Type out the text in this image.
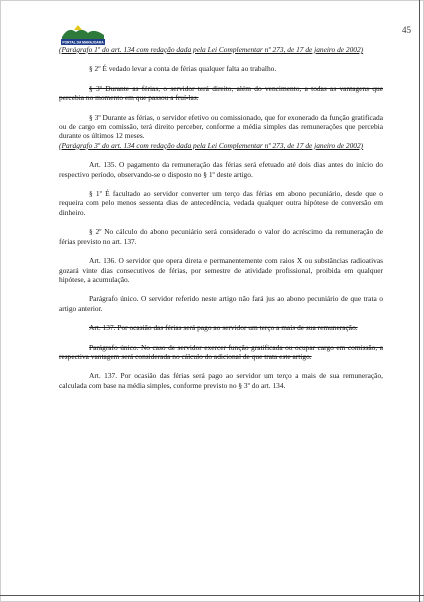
PORTAL DA MARAJOARA
45

(Parágrafo 1º do art. 134 com redação dada pela Lei Complementar nº 273, de 17 de janeiro de 2002)

§ 2º É vedado levar a conta de férias qualquer falta ao trabalho.

§ 3º Durante as férias, o servidor terá direito, além do vencimento, a todas as vantagens que percebia no momento em que passou a fruí-las.

§ 3º Durante as férias, o servidor efetivo ou comissionado, que for exonerado da função gratificada ou de cargo em comissão, terá direito perceber, conforme a média simples das remunerações que percebia durante os últimos 12 meses.

(Parágrafo 3º do art. 134 com redação dada pela Lei Complementar nº 273, de 17 de janeiro de 2002)

Art. 135. O pagamento da remuneração das férias será efetuado até dois dias antes do início do respectivo período, observando-se o disposto no § 1º deste artigo.

§ 1º É facultado ao servidor converter um terço das férias em abono pecuniário, desde que o requeira com pelo menos sessenta dias de antecedência, vedada qualquer outra hipótese de conversão em dinheiro.

§ 2º No cálculo do abono pecuniário será considerado o valor do acréscimo da remuneração de férias previsto no art. 137.

Art. 136. O servidor que opera direta e permanentemente com raios X ou substâncias radioativas gozará vinte dias consecutivos de férias, por semestre de atividade profissional, proibida em qualquer hipótese, a acumulação.

Parágrafo único. O servidor referido neste artigo não fará jus ao abono pecuniário de que trata o artigo anterior.

Art. 137. Por ocasião das férias será pago ao servidor um terço a mais de sua remuneração.

Parágrafo único. No caso de servidor exercer função gratificada ou ocupar cargo em comissão, a respectiva vantagem será considerada no cálculo do adicional de que trata este artigo.

Art. 137. Por ocasião das férias será pago ao servidor um terço a mais de sua remuneração, calculada com base na média simples, conforme previsto no § 3º do art. 134.
